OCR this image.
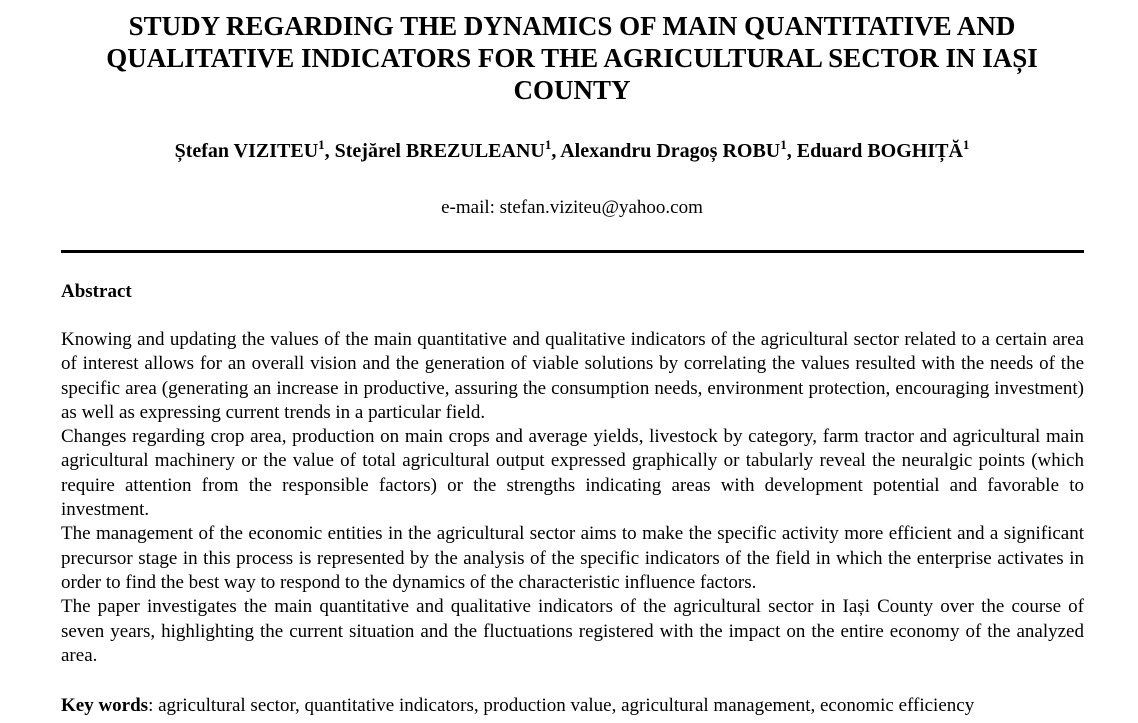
STUDY REGARDING THE DYNAMICS OF MAIN QUANTITATIVE AND QUALITATIVE INDICATORS FOR THE AGRICULTURAL SECTOR IN IAȘI COUNTY
Ștefan VIZITEU$^1$, Stejărel BREZULEANU$^1$, Alexandru Dragoș ROBU$^1$, Eduard BOGHIȚĂ$^1$
e-mail: stefan.viziteu@yahoo.com
Abstract

Knowing and updating the values of the main quantitative and qualitative indicators of the agricultural sector related to a certain area of interest allows for an overall vision and the generation of viable solutions by correlating the values resulted with the needs of the specific area (generating an increase in productive, assuring the consumption needs, environment protection, encouraging investment) as well as expressing current trends in a particular field.

Changes regarding crop area, production on main crops and average yields, livestock by category, farm tractor and agricultural main agricultural machinery or the value of total agricultural output expressed graphically or tabularly reveal the neuralgic points (which require attention from the responsible factors) or the strengths indicating areas with development potential and favorable to investment.

The management of the economic entities in the agricultural sector aims to make the specific activity more efficient and a significant precursor stage in this process is represented by the analysis of the specific indicators of the field in which the enterprise activates in order to find the best way to respond to the dynamics of the characteristic influence factors.

The paper investigates the main quantitative and qualitative indicators of the agricultural sector in Iași County over the course of seven years, highlighting the current situation and the fluctuations registered with the impact on the entire economy of the analyzed area.

Key words: agricultural sector, quantitative indicators, production value, agricultural management, economic efficiency
